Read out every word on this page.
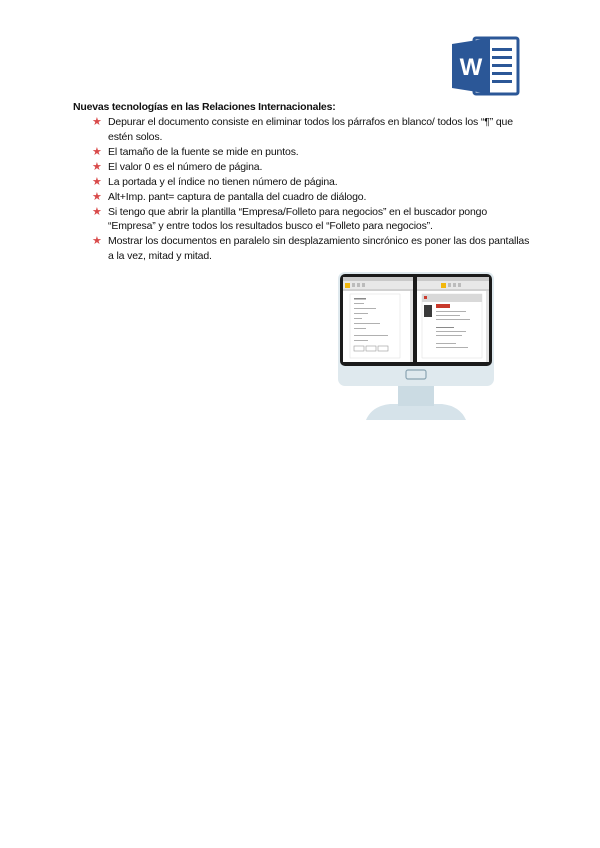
W
Nuevas tecnologías en las Relaciones Internacionales:
★ Depurar el documento consiste en eliminar todos los párrafos en blanco/ todos los “¶” que estén solos.
★ El tamaño de la fuente se mide en puntos.
★ El valor 0 es el número de página.
★ La portada y el índice no tienen número de página.
★ Alt+Imp. pant= captura de pantalla del cuadro de diálogo.
★ Si tengo que abrir la plantilla “Empresa/Folleto para negocios” en el buscador pongo “Empresa” y entre todos los resultados busco el “Folleto para negocios”.
★ Mostrar los documentos en paralelo sin desplazamiento sincrónico es poner las dos pantallas a la vez, mitad y mitad.
